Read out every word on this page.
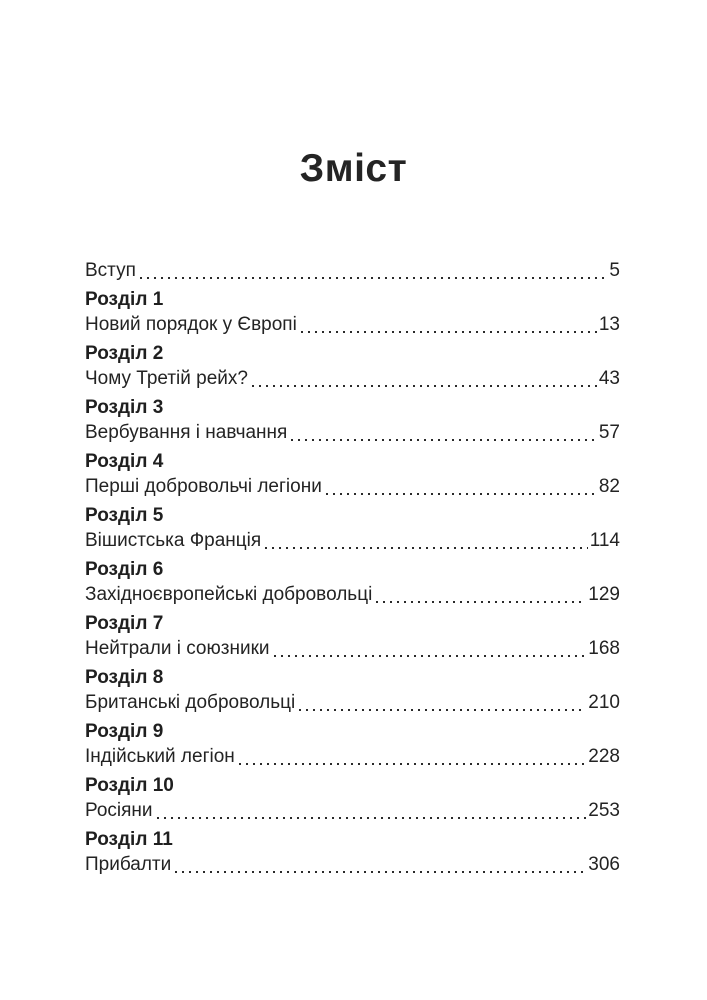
Зміст
Вступ	5
Розділ 1
Новий порядок у Європі	13
Розділ 2
Чому Третій рейх?	43
Розділ 3
Вербування і навчання	57
Розділ 4
Перші добровольчі легіони	82
Розділ 5
Вішистська Франція	114
Розділ 6
Західноєвропейські добровольці	129
Розділ 7
Нейтрали і союзники	168
Розділ 8
Британські добровольці	210
Розділ 9
Індійський легіон	228
Розділ 10
Росіяни	253
Розділ 11
Прибалти	306
